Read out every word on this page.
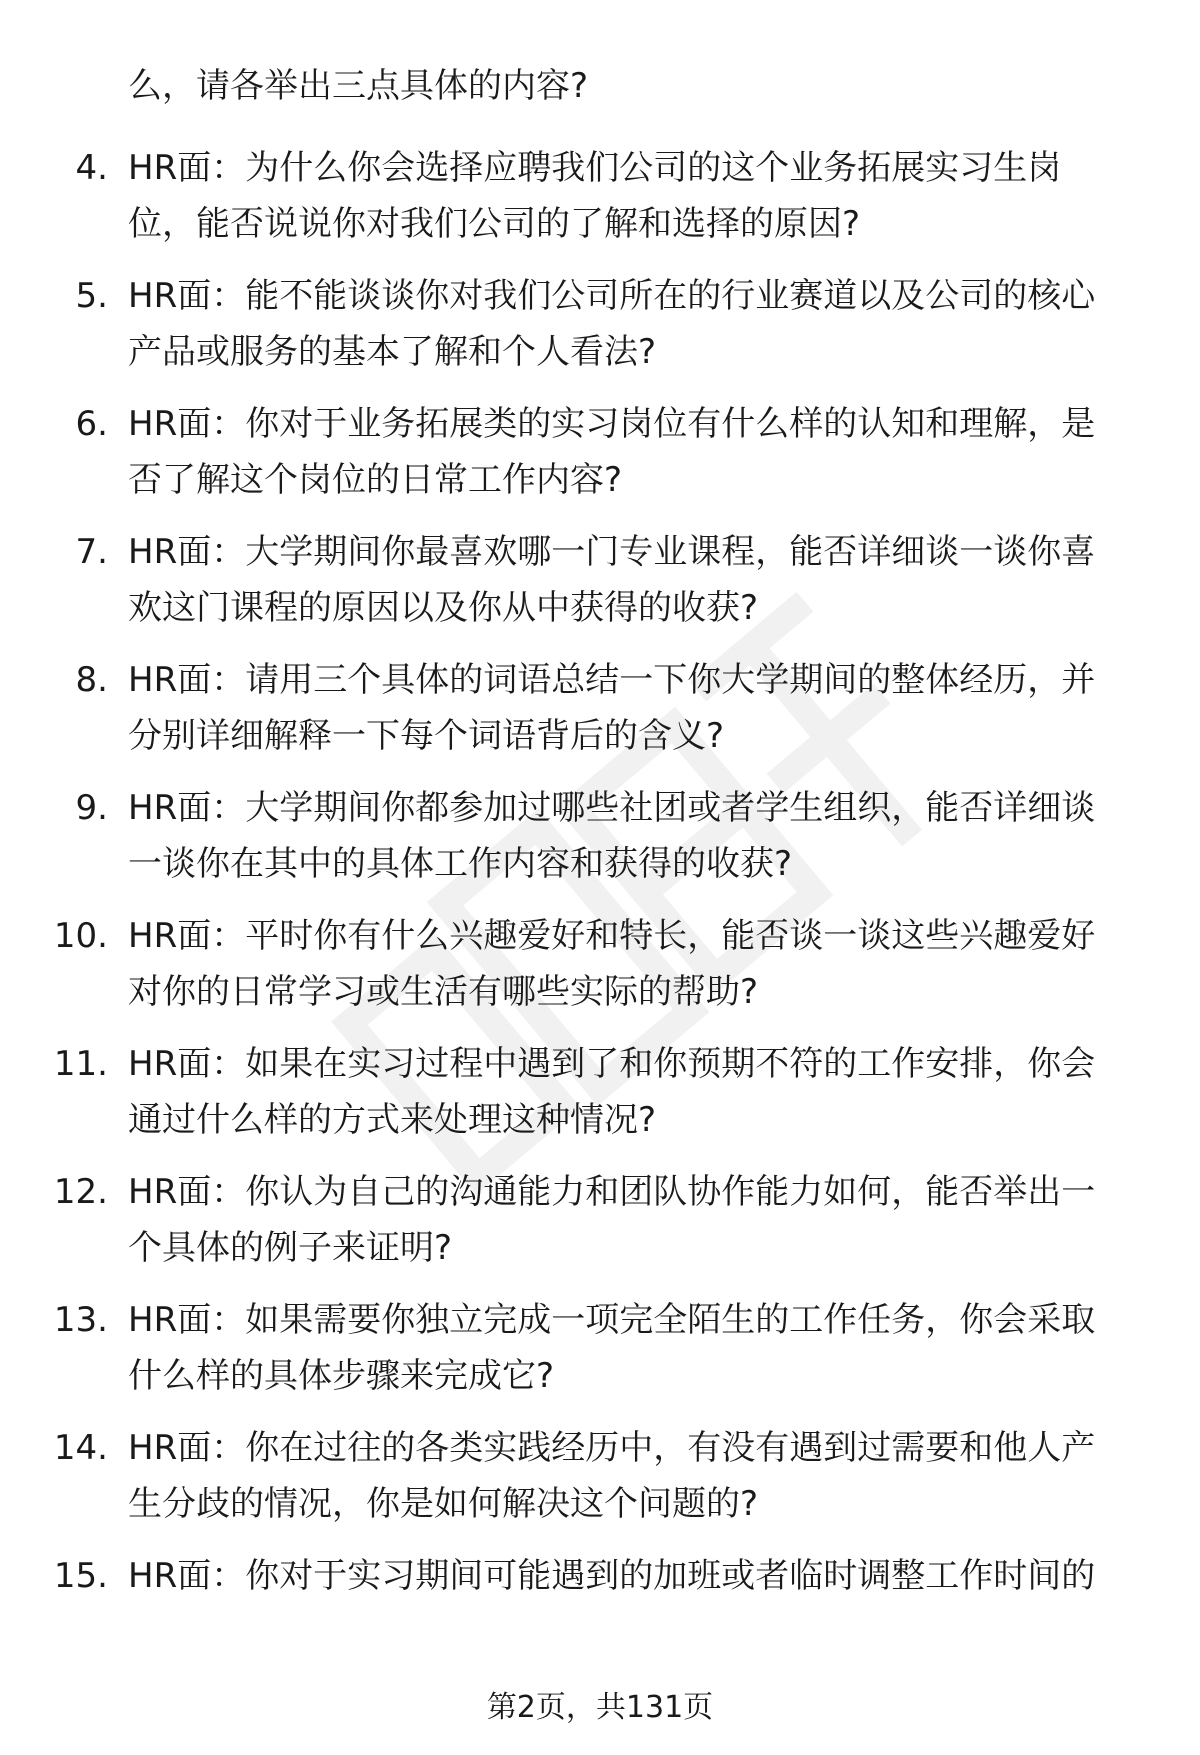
么，请各举出三点具体的内容?
4. HR面：为什么你会选择应聘我们公司的这个业务拓展实习生岗
位，能否说说你对我们公司的了解和选择的原因?
5. HR面：能不能谈谈你对我们公司所在的行业赛道以及公司的核心
产品或服务的基本了解和个人看法?
6. HR面：你对于业务拓展类的实习岗位有什么样的认知和理解，是
否了解这个岗位的日常工作内容?
7. HR面：大学期间你最喜欢哪一门专业课程，能否详细谈一谈你喜
欢这门课程的原因以及你从中获得的收获?
8. HR面：请用三个具体的词语总结一下你大学期间的整体经历，并
分别详细解释一下每个词语背后的含义?
9. HR面：大学期间你都参加过哪些社团或者学生组织，能否详细谈
一谈你在其中的具体工作内容和获得的收获?
10. HR面：平时你有什么兴趣爱好和特长，能否谈一谈这些兴趣爱好
对你的日常学习或生活有哪些实际的帮助?
11. HR面：如果在实习过程中遇到了和你预期不符的工作安排，你会
通过什么样的方式来处理这种情况?
12. HR面：你认为自己的沟通能力和团队协作能力如何，能否举出一
个具体的例子来证明?
13. HR面：如果需要你独立完成一项完全陌生的工作任务，你会采取
什么样的具体步骤来完成它?
14. HR面：你在过往的各类实践经历中，有没有遇到过需要和他人产
生分歧的情况，你是如何解决这个问题的?
15. HR面：你对于实习期间可能遇到的加班或者临时调整工作时间的
第2页，共131页
